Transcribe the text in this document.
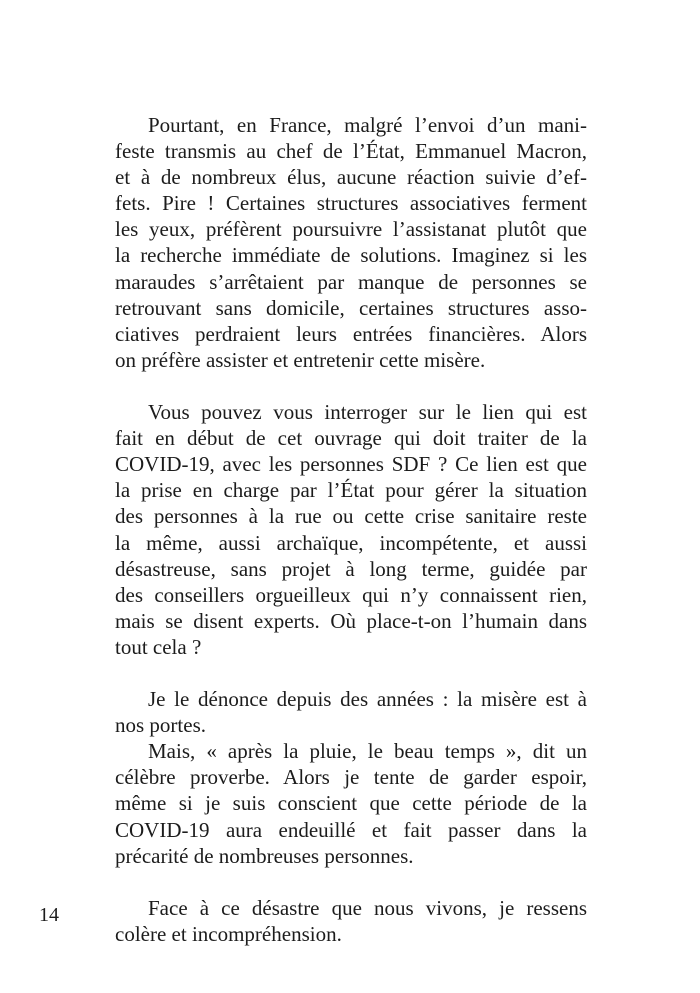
Pourtant, en France, malgré l’envoi d’un mani-
feste transmis au chef de l’État, Emmanuel Macron,
et à de nombreux élus, aucune réaction suivie d’ef-
fets. Pire ! Certaines structures associatives ferment
les yeux, préfèrent poursuivre l’assistanat plutôt que
la recherche immédiate de solutions. Imaginez si les
maraudes s’arrêtaient par manque de personnes se
retrouvant sans domicile, certaines structures asso-
ciatives perdraient leurs entrées financières. Alors
on préfère assister et entretenir cette misère.

Vous pouvez vous interroger sur le lien qui est
fait en début de cet ouvrage qui doit traiter de la
COVID-19, avec les personnes SDF ? Ce lien est que
la prise en charge par l’État pour gérer la situation
des personnes à la rue ou cette crise sanitaire reste
la même, aussi archaïque, incompétente, et aussi
désastreuse, sans projet à long terme, guidée par
des conseillers orgueilleux qui n’y connaissent rien,
mais se disent experts. Où place-t-on l’humain dans
tout cela ?

Je le dénonce depuis des années : la misère est à
nos portes.

Mais, « après la pluie, le beau temps », dit un
célèbre proverbe. Alors je tente de garder espoir,
même si je suis conscient que cette période de la
COVID-19 aura endeuillé et fait passer dans la
précarité de nombreuses personnes.

Face à ce désastre que nous vivons, je ressens
colère et incompréhension.

14
